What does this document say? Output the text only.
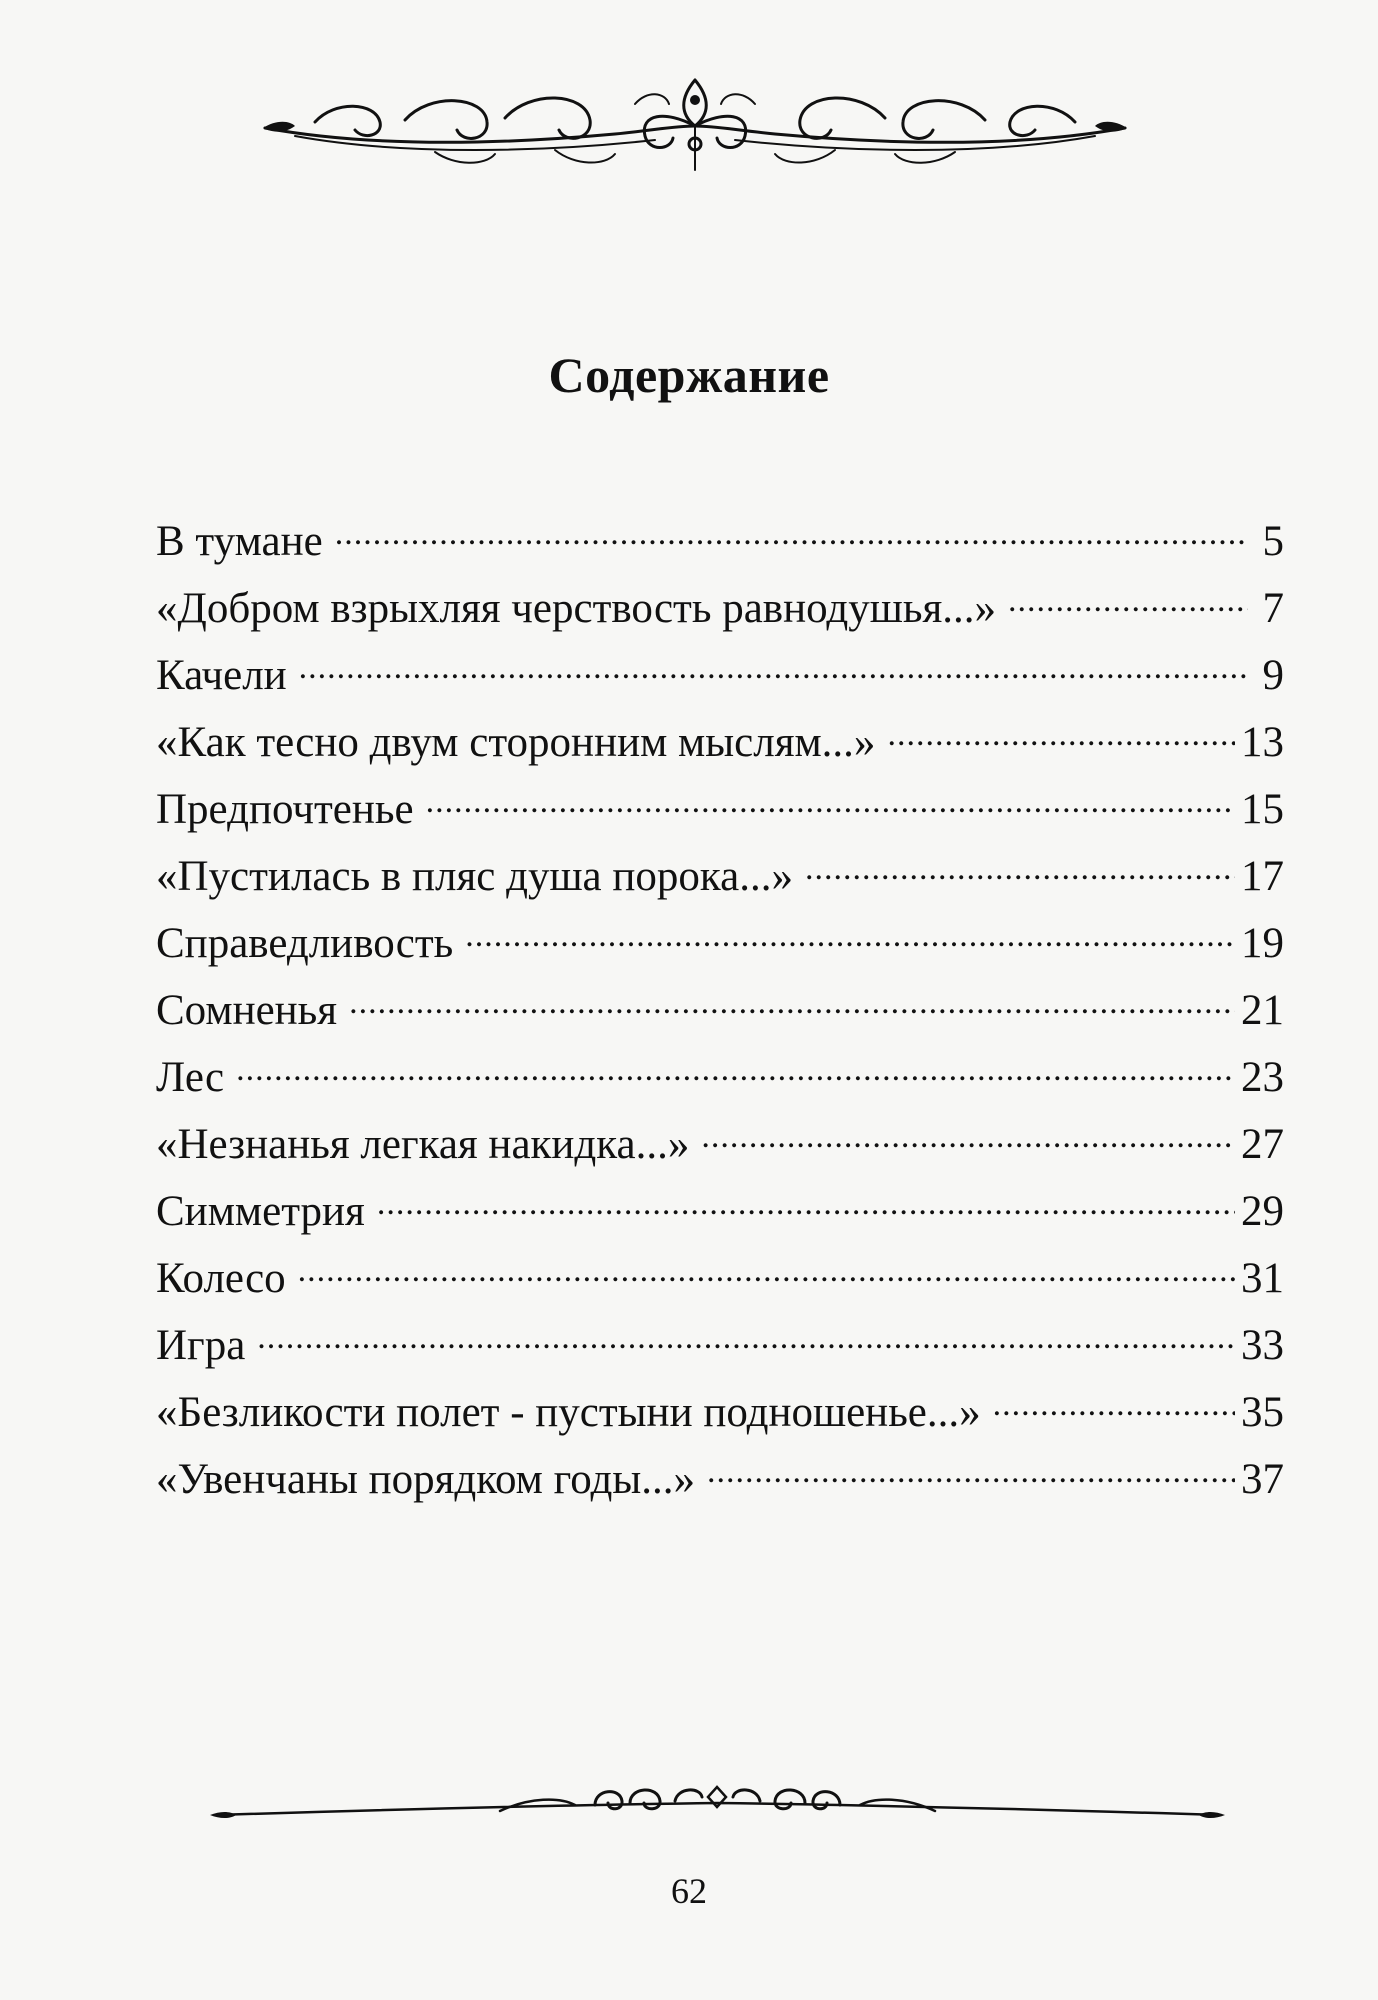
Содержание
В тумане .....	5
«Добром взрыхляя черствость равнодушья...» .....	7
Качели .....	9
«Как тесно двум сторонним мыслям...» .....	13
Предпочтенье .....	15
«Пустилась в пляс душа порока...» .....	17
Справедливость .....	19
Сомненья .....	21
Лес .....	23
«Незнанья легкая накидка...» .....	27
Симметрия .....	29
Колесо .....	31
Игра .....	33
«Безликости полет - пустыни подношенье...» .....	35
«Увенчаны порядком годы...» .....	37
62
